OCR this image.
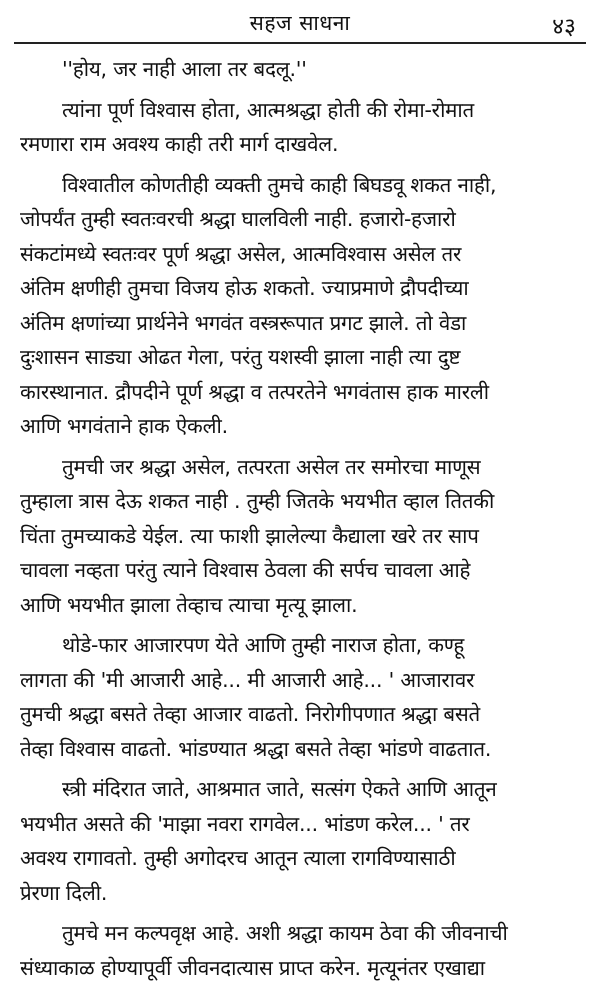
सहज साधना	४३

''होय, जर नाही आला तर बदलू.''

त्यांना पूर्ण विश्वास होता, आत्मश्रद्धा होती की रोमा-रोमात
रमणारा राम अवश्य काही तरी मार्ग दाखवेल.

विश्वातील कोणतीही व्यक्ती तुमचे काही बिघडवू शकत नाही,
जोपर्यंत तुम्ही स्वतःवरची श्रद्धा घालविली नाही. हजारो-हजारो
संकटांमध्ये स्वतःवर पूर्ण श्रद्धा असेल, आत्मविश्वास असेल तर
अंतिम क्षणीही तुमचा विजय होऊ शकतो. ज्याप्रमाणे द्रौपदीच्या
अंतिम क्षणांच्या प्रार्थनेने भगवंत वस्त्ररूपात प्रगट झाले. तो वेडा
दुःशासन साड्या ओढत गेला, परंतु यशस्वी झाला नाही त्या दुष्ट
कारस्थानात. द्रौपदीने पूर्ण श्रद्धा व तत्परतेने भगवंतास हाक मारली
आणि भगवंताने हाक ऐकली.

तुमची जर श्रद्धा असेल, तत्परता असेल तर समोरचा माणूस
तुम्हाला त्रास देऊ शकत नाही . तुम्ही जितके भयभीत व्हाल तितकी
चिंता तुमच्याकडे येईल. त्या फाशी झालेल्या कैद्याला खरे तर साप
चावला नव्हता परंतु त्याने विश्वास ठेवला की सर्पच चावला आहे
आणि भयभीत झाला तेव्हाच त्याचा मृत्यू झाला.

थोडे-फार आजारपण येते आणि तुम्ही नाराज होता, कण्हू
लागता की 'मी आजारी आहे... मी आजारी आहे... ' आजारावर
तुमची श्रद्धा बसते तेव्हा आजार वाढतो. निरोगीपणात श्रद्धा बसते
तेव्हा विश्वास वाढतो. भांडण्यात श्रद्धा बसते तेव्हा भांडणे वाढतात.

स्त्री मंदिरात जाते, आश्रमात जाते, सत्संग ऐकते आणि आतून
भयभीत असते की 'माझा नवरा रागवेल... भांडण करेल... ' तर
अवश्य रागावतो. तुम्ही अगोदरच आतून त्याला रागविण्यासाठी
प्रेरणा दिली.

तुमचे मन कल्पवृक्ष आहे. अशी श्रद्धा कायम ठेवा की जीवनाची
संध्याकाळ होण्यापूर्वी जीवनदात्यास प्राप्त करेन. मृत्यूनंतर एखाद्या
